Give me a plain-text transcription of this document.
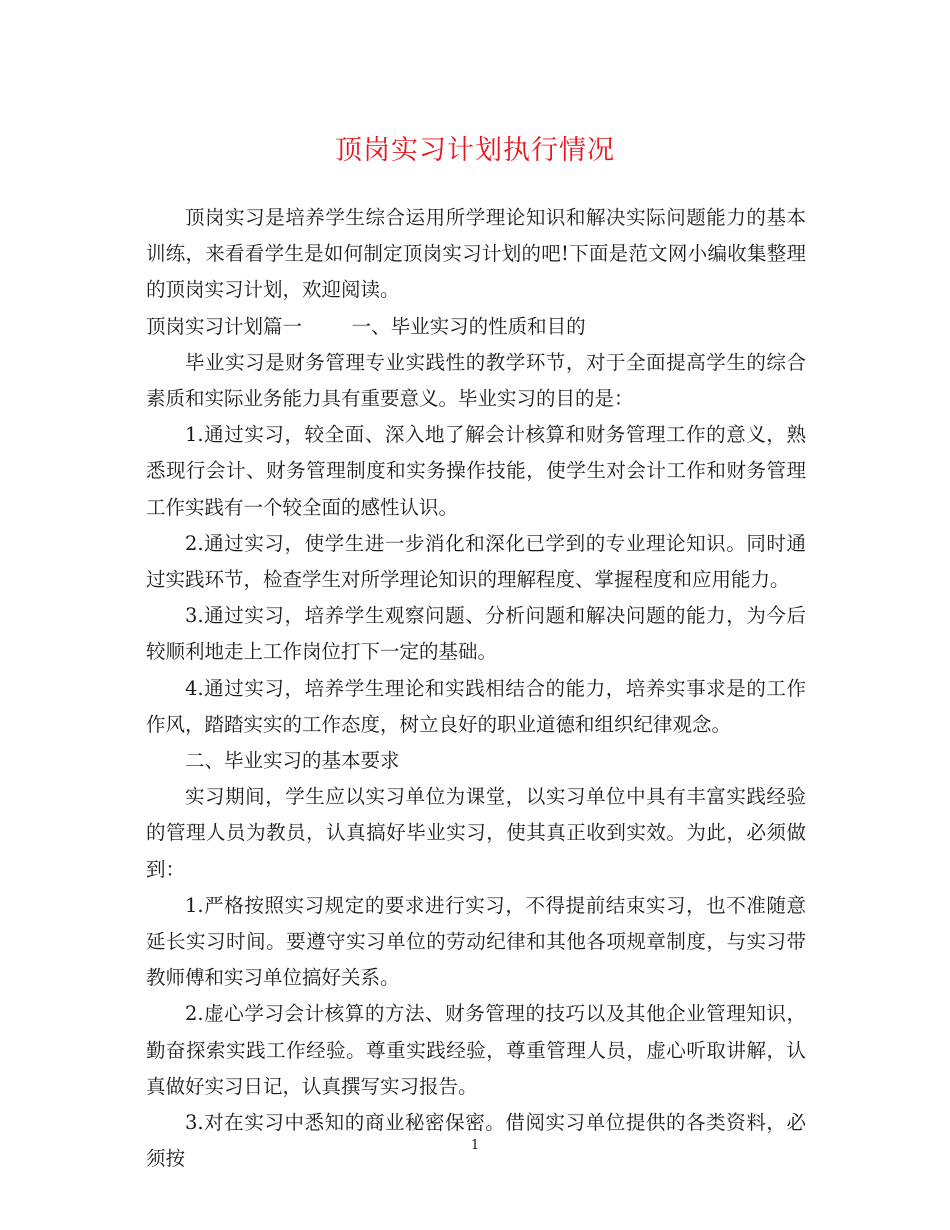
顶岗实习计划执行情况

顶岗实习是培养学生综合运用所学理论知识和解决实际问题能力的基本训练，来看看学生是如何制定顶岗实习计划的吧!下面是范文网小编收集整理的顶岗实习计划，欢迎阅读。

顶岗实习计划篇一        一、毕业实习的性质和目的

毕业实习是财务管理专业实践性的教学环节，对于全面提高学生的综合素质和实际业务能力具有重要意义。毕业实习的目的是：

1.通过实习，较全面、深入地了解会计核算和财务管理工作的意义，熟悉现行会计、财务管理制度和实务操作技能，使学生对会计工作和财务管理工作实践有一个较全面的感性认识。

2.通过实习，使学生进一步消化和深化已学到的专业理论知识。同时通过实践环节，检查学生对所学理论知识的理解程度、掌握程度和应用能力。

3.通过实习，培养学生观察问题、分析问题和解决问题的能力，为今后较顺利地走上工作岗位打下一定的基础。

4.通过实习，培养学生理论和实践相结合的能力，培养实事求是的工作作风，踏踏实实的工作态度，树立良好的职业道德和组织纪律观念。

二、毕业实习的基本要求

实习期间，学生应以实习单位为课堂，以实习单位中具有丰富实践经验的管理人员为教员，认真搞好毕业实习，使其真正收到实效。为此，必须做到：

1.严格按照实习规定的要求进行实习，不得提前结束实习，也不准随意延长实习时间。要遵守实习单位的劳动纪律和其他各项规章制度，与实习带教师傅和实习单位搞好关系。

2.虚心学习会计核算的方法、财务管理的技巧以及其他企业管理知识，勤奋探索实践工作经验。尊重实践经验，尊重管理人员，虚心听取讲解，认真做好实习日记，认真撰写实习报告。

3.对在实习中悉知的商业秘密保密。借阅实习单位提供的各类资料，必须按

1
